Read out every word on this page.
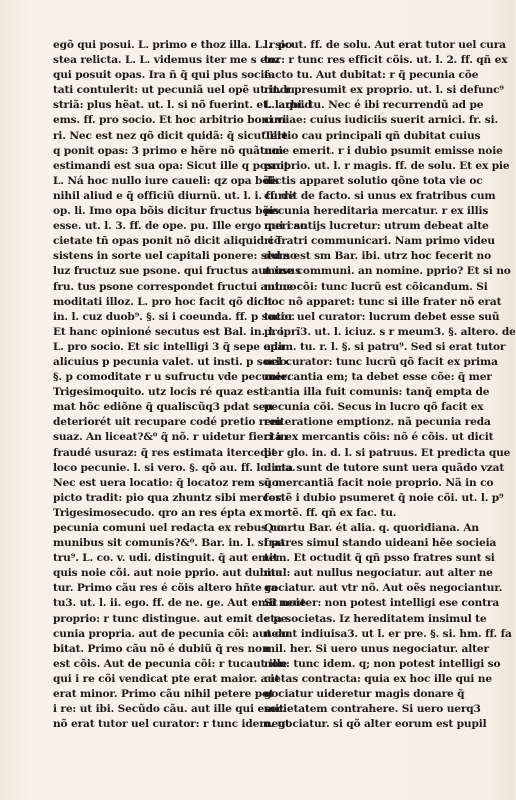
egõ qui posui. L. primo e thoz illa. L. r po
stea relicta. L. L. videmus iter me s enz
qui posuit opas. Ira ñ q̃ qui plus socie.
tati contulerit: ut pecuniã uel opẽ ut indu
striã: plus hẽat. ut. l. si nõ fuerint. et. l. quid
ems. ff. pro socio. Et hoc arbitrio boni vi
ri. Nec est nez qõ dicit quidã: q̃ sicut ille
q ponit opas: 3 primo e hẽre nõ quãtum
estimandi est sua opa: Sicut ille q posuit
L. Ná hoc nullo iure caueli: qz opa bõis
nihil aliud e q̃ officiũ diurnũ. ut. l. i. ff. de
op. li. Imo opa bõis dicitur fructus bõis
esse. ut. l. 3. ff. de ope. pu. Ille ergo qui i so
cietate tñ opas ponit nõ dicit aliquid cõ
sistens in sorte uel capitali ponere: sed so
luz fructuz sue psone. qui fructus aut usus
fru. tus psone correspondet fructui aut co
moditati illoz. L. pro hoc facit qõ dicit
in. l. cuz duob⁹. §. si i coeunda. ff. p socio.
Et hanc opinioné secutus est Bal. in. l. i.
L. pro socio. Et sic intelligi 3 q̃ sepe opa
alicuius p pecunia valet. ut insti. p socio.
§. p comoditate r u sufructu vde pecunie.
Trigesimoquito. utz locis ré quaz esti
mat hõc ediõne q̃ qualiscũq3 pdat seu
deteriorét uit recupare codé pretio rem
suaz. An liceat?&⁰ q̃ nõ. r uidetur fieri in
fraudé usuraz: q̃ res estimata itercedit
loco pecunie. l. si vero. §. qõ au. ff. lo. ma.
Nec est uera locatio: q̃ locatoz rem suo
picto tradit: pio qua zhuntz sibi merces.
Trigesimosecudo. qro an res épta ex
pecunia comuni uel redacta ex rebus co
munibus sit comunis?&⁰. Bar. in. l. si pa
tru⁹. L. co. v. udi. distinguit. q̃ aut emit
quis noie cõi. aut noie pprio. aut dubita
tur. Primo cãu res é cõis altero hñte ra
tu3. ut. l. ii. ego. ff. de ne. ge. Aut emit noie
proprio: r tunc distingue. aut emit de pe
cunia propria. aut de pecunia cõi: aut du
bitat. Primo cãu nõ é dubiũ q̃ res non
est cõis. Aut de pecunia cõi: r tucaut ille
qui i re cõi vendicat pte erat maior. aut
erat minor. Primo cãu nihil petere pot
i re: ut ibi. Secũdo cãu. aut ille qui emit
nõ erat tutor uel curator: r tunc idem. ut
l. sicut. ff. de solu. Aut erat tutor uel cura
tor: r tunc res efficit cõis. ut. l. 2. ff. qñ ex
facto tu. Aut dubitat: r q̃ pecunia cõe
rit. r presumit ex proprio. ut. l. si defunc⁹
L. arbi. tu. Nec é ibi recurrendũ ad pe
cuniae: cuius iudiciis suerit arnici. fr. si.
Tertio cau principali qñ dubitat cuius
noie emerit. r i dubio psumit emisse noie
proprio. ut. l. r magis. ff. de solu. Et ex pie
dictis apparet solutio qõne tota vie oc
currit de facto. si unus ex fratribus cum
pecunia hereditaria mercatur. r ex illis
mercantijs lucretur: utrum debeat alte
ri fratri communicari. Nam primo videu
dum est sm Bar. ibi. utrz hoc fecerit no
mine communi. an nomine. pprio? Et si no
mine cõi: tunc lucrũ est cõicandum. Si
hoc nõ apparet: tunc si ille frater nõ erat
tutor uel curator: lucrum debet esse suũ
proprĩ3. ut. l. iciuz. s r meum3. §. altero. de
adim. tu. r. l. §. si patru⁹. Sed si erat tutor
uel curator: tunc lucrũ qõ facit ex prima
mercantia em; ta debet esse cõe: q̃ mer
cantia illa fuit comunis: tanq̃ empta de
pecunia cõi. Secus in lucro qõ facit ex
reiteratione emptionz. nã pecunia reda
cta ex mercantis cõis: nõ é cõis. ut dicit
per glo. in. d. l. si patruus. Et predicta que
dicta sunt de tutore sunt uera quãdo vzat
q̃ mercantiã facit noie proprio. Nã in co
fortẽ i dubio psumeret q̃ noie cõi. ut. l. p⁹
mortẽ. ff. qñ ex fac. tu.
Quartu Bar. ét alia. q. quoridiana. An
fratres simul stando uideani hẽe socieia
tem. Et octudit q̃ qñ psso fratres sunt si
mul: aut nullus negociatur. aut alter ne
gociatur. aut vtr nõ. Aut oẽs negociantur.
Si neuter: non potest intelligi ese contra
cta societas. Iz hereditatem insimul te
neant indiuisa3. ut l. er pre. §. si. hm. ff. fa
mil. her. Si uero unus negociatur. alter
non: tunc idem. q; non potest intelligi so
cietas contracta: quia ex hoc ille qui ne
gociatur uideretur magis donare q̃
societatem contrahere. Si uero uerq3
negociatur. si qõ alter eorum est pupil
